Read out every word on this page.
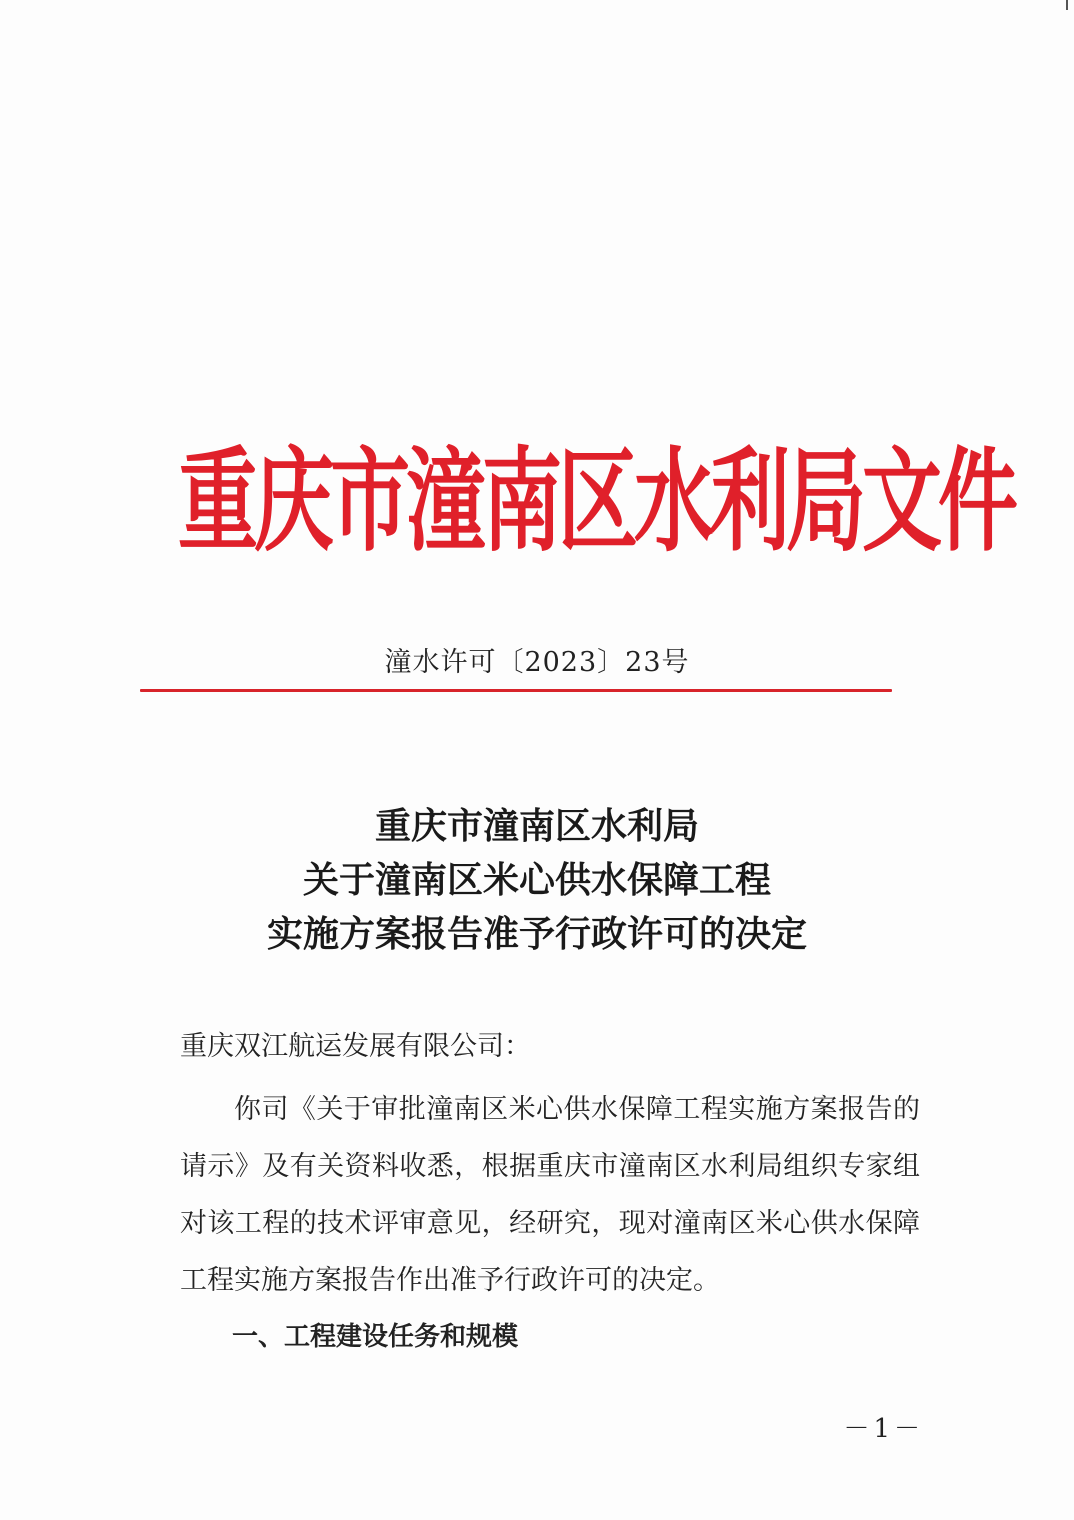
重庆市潼南区水利局文件
潼水许可〔2023〕23号
重庆市潼南区水利局
关于潼南区米心供水保障工程
实施方案报告准予行政许可的决定

重庆双江航运发展有限公司：

你司《关于审批潼南区米心供水保障工程实施方案报告的请示》及有关资料收悉，根据重庆市潼南区水利局组织专家组对该工程的技术评审意见，经研究，现对潼南区米心供水保障工程实施方案报告作出准予行政许可的决定。

一、工程建设任务和规模

－1－
